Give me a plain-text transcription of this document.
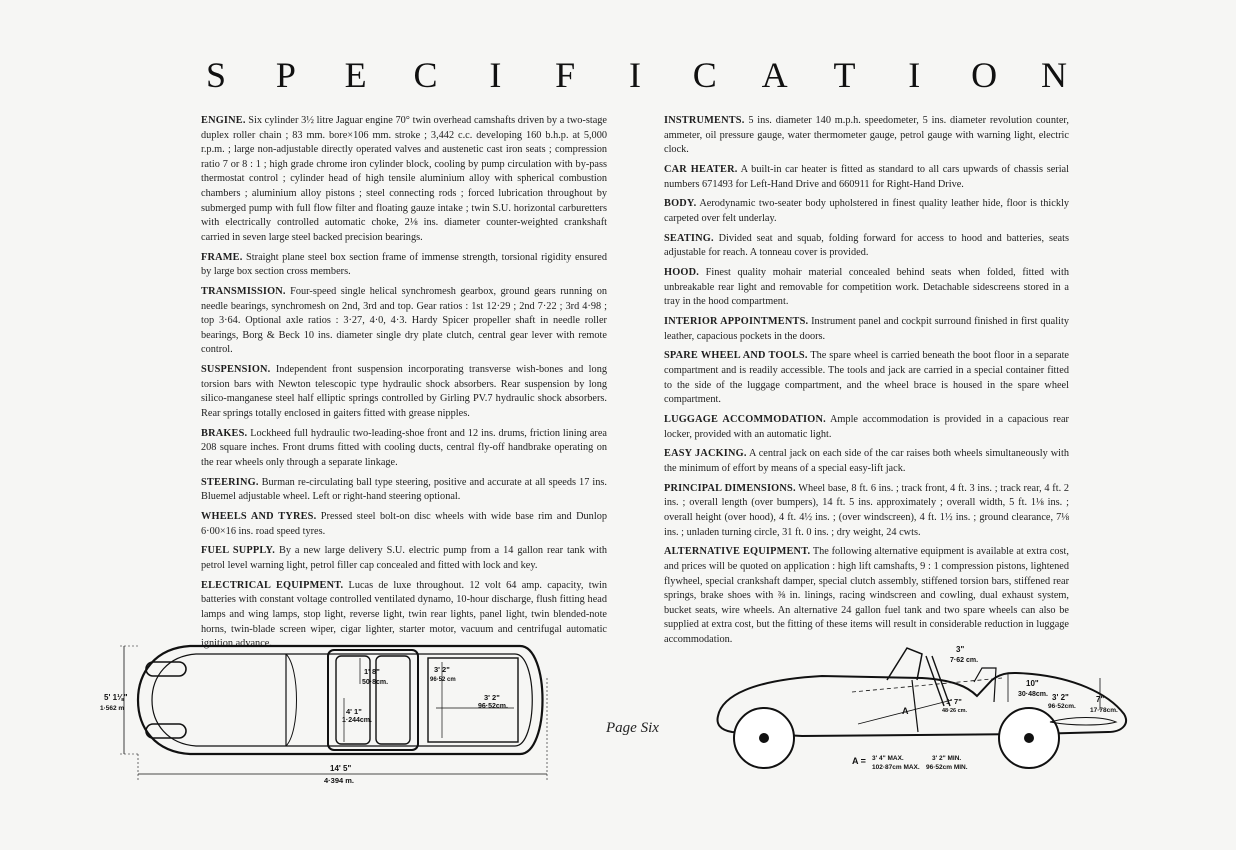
S P E C	I	F	I	C A T	I	O N
ENGINE. Six cylinder 3½ litre Jaguar engine 70° twin overhead camshafts driven by a two-stage duplex roller chain ; 83 mm. bore×106 mm. stroke ; 3,442 c.c. developing 160 b.h.p. at 5,000 r.p.m. ; large non-adjustable directly operated valves and austenetic cast iron seats ; compression ratio 7 or 8 : 1 ; high grade chrome iron cylinder block, cooling by pump circulation with by-pass thermostat control ; cylinder head of high tensile aluminium alloy with spherical combustion chambers ; aluminium alloy pistons ; steel connecting rods ; forced lubrication throughout by submerged pump with full flow filter and floating gauze intake ; twin S.U. horizontal carburetters with electrically controlled automatic choke, 2⅛ ins. diameter counter-weighted crankshaft carried in seven large steel backed precision bearings.
FRAME. Straight plane steel box section frame of immense strength, torsional rigidity ensured by large box section cross members.
TRANSMISSION. Four-speed single helical synchromesh gearbox, ground gears running on needle bearings, synchromesh on 2nd, 3rd and top. Gear ratios : 1st 12·29 ; 2nd 7·22 ; 3rd 4·98 ; top 3·64. Optional axle ratios : 3·27, 4·0, 4·3. Hardy Spicer propeller shaft in needle roller bearings, Borg & Beck 10 ins. diameter single dry plate clutch, central gear lever with remote control.
SUSPENSION. Independent front suspension incorporating transverse wish-bones and long torsion bars with Newton telescopic type hydraulic shock absorbers. Rear suspension by long silico-manganese steel half elliptic springs controlled by Girling PV.7 hydraulic shock absorbers. Rear springs totally enclosed in gaiters fitted with grease nipples.
BRAKES. Lockheed full hydraulic two-leading-shoe front and 12 ins. drums, friction lining area 208 square inches. Front drums fitted with cooling ducts, central fly-off handbrake operating on the rear wheels only through a separate linkage.
STEERING. Burman re-circulating ball type steering, positive and accurate at all speeds 17 ins. Bluemel adjustable wheel. Left or right-hand steering optional.
WHEELS AND TYRES. Pressed steel bolt-on disc wheels with wide base rim and Dunlop 6·00×16 ins. road speed tyres.
FUEL SUPPLY. By a new large delivery S.U. electric pump from a 14 gallon rear tank with petrol level warning light, petrol filler cap concealed and fitted with lock and key.
ELECTRICAL EQUIPMENT. Lucas de luxe throughout. 12 volt 64 amp. capacity, twin batteries with constant voltage controlled ventilated dynamo, 10-hour discharge, flush fitting head lamps and wing lamps, stop light, reverse light, twin rear lights, panel light, twin blended-note horns, twin-blade screen wiper, cigar lighter, starter motor, vacuum and centrifugal automatic ignition advance.
INSTRUMENTS. 5 ins. diameter 140 m.p.h. speedometer, 5 ins. diameter revolution counter, ammeter, oil pressure gauge, water thermometer gauge, petrol gauge with warning light, electric clock.
CAR HEATER. A built-in car heater is fitted as standard to all cars upwards of chassis serial numbers 671493 for Left-Hand Drive and 660911 for Right-Hand Drive.
BODY. Aerodynamic two-seater body upholstered in finest quality leather hide, floor is thickly carpeted over felt underlay.
SEATING. Divided seat and squab, folding forward for access to hood and batteries, seats adjustable for reach. A tonneau cover is provided.
HOOD. Finest quality mohair material concealed behind seats when folded, fitted with unbreakable rear light and removable for competition work. Detachable sidescreens stored in a tray in the hood compartment.
INTERIOR APPOINTMENTS. Instrument panel and cockpit surround finished in first quality leather, capacious pockets in the doors.
SPARE WHEEL AND TOOLS. The spare wheel is carried beneath the boot floor in a separate compartment and is readily accessible. The tools and jack are carried in a special container fitted to the side of the luggage compartment, and the wheel brace is housed in the spare wheel compartment.
LUGGAGE ACCOMMODATION. Ample accommodation is provided in a capacious rear locker, provided with an automatic light.
EASY JACKING. A central jack on each side of the car raises both wheels simultaneously with the minimum of effort by means of a special easy-lift jack.
PRINCIPAL DIMENSIONS. Wheel base, 8 ft. 6 ins. ; track front, 4 ft. 3 ins. ; track rear, 4 ft. 2 ins. ; overall length (over bumpers), 14 ft. 5 ins. approximately ; overall width, 5 ft. 1⅛ ins. ; overall height (over hood), 4 ft. 4½ ins. ; (over windscreen), 4 ft. 1½ ins. ; ground clearance, 7⅛ ins. ; unladen turning circle, 31 ft. 0 ins. ; dry weight, 24 cwts.
ALTERNATIVE EQUIPMENT. The following alternative equipment is available at extra cost, and prices will be quoted on application : high lift camshafts, 9 : 1 compression pistons, lightened flywheel, special crankshaft damper, special clutch assembly, stiffened torsion bars, stiffened rear springs, brake shoes with ⅜ in. linings, racing windscreen and cowling, dual exhaust system, bucket seats, wire wheels. An alternative 24 gallon fuel tank and two spare wheels can also be supplied at extra cost, but the fitting of these items will result in considerable reduction in luggage accommodation.
5' 1⅛"
1·562 m
14' 5"
4·394 m.
1' 8"
50·8cm.
4' 1"
1·244cm.
3' 2"
96·52 cm
3' 2"
96·52cm.
Page Six
3"
7·62 cm.
10"
30·48cm. 3' 2"
96·52cm.
7"
17·78cm.
1' 7"
48·26 cm.
A
A = 3' 4" MAX.	3' 2" MIN.
102·87cm MAX. 96·52cm MIN.
